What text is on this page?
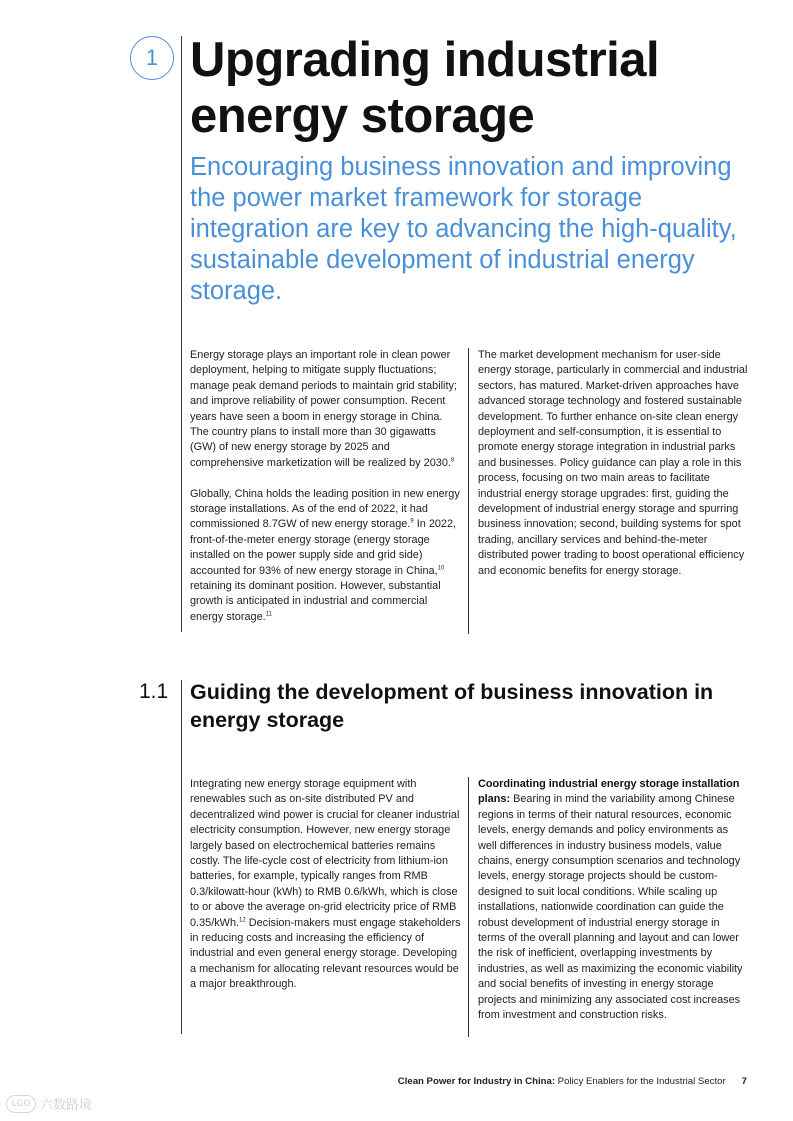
1 Upgrading industrial energy storage

Encouraging business innovation and improving the power market framework for storage integration are key to advancing the high-quality, sustainable development of industrial energy storage.

Energy storage plays an important role in clean power deployment, helping to mitigate supply fluctuations; manage peak demand periods to maintain grid stability; and improve reliability of power consumption. Recent years have seen a boom in energy storage in China. The country plans to install more than 30 gigawatts (GW) of new energy storage by 2025 and comprehensive marketization will be realized by 2030.$^8$

Globally, China holds the leading position in new energy storage installations. As of the end of 2022, it had commissioned 8.7GW of new energy storage.$^9$ In 2022, front-of-the-meter energy storage (energy storage installed on the power supply side and grid side) accounted for 93% of new energy storage in China,$^{10}$ retaining its dominant position. However, substantial growth is anticipated in industrial and commercial energy storage.$^{11}$

The market development mechanism for user-side energy storage, particularly in commercial and industrial sectors, has matured. Market-driven approaches have advanced storage technology and fostered sustainable development. To further enhance on-site clean energy deployment and self-consumption, it is essential to promote energy storage integration in industrial parks and businesses. Policy guidance can play a role in this process, focusing on two main areas to facilitate industrial energy storage upgrades: first, guiding the development of industrial energy storage and spurring business innovation; second, building systems for spot trading, ancillary services and behind-the-meter distributed power trading to boost operational efficiency and economic benefits for energy storage.

1.1 Guiding the development of business innovation in energy storage

Integrating new energy storage equipment with renewables such as on-site distributed PV and decentralized wind power is crucial for cleaner industrial electricity consumption. However, new energy storage largely based on electrochemical batteries remains costly. The life-cycle cost of electricity from lithium-ion batteries, for example, typically ranges from RMB 0.3/kilowatt-hour (kWh) to RMB 0.6/kWh, which is close to or above the average on-grid electricity price of RMB 0.35/kWh.$^{12}$ Decision-makers must engage stakeholders in reducing costs and increasing the efficiency of industrial and even general energy storage. Developing a mechanism for allocating relevant resources would be a major breakthrough.

Coordinating industrial energy storage installation plans: Bearing in mind the variability among Chinese regions in terms of their natural resources, economic levels, energy demands and policy environments as well differences in industry business models, value chains, energy consumption scenarios and technology levels, energy storage projects should be custom-designed to suit local conditions. While scaling up installations, nationwide coordination can guide the robust development of industrial energy storage in terms of the overall planning and layout and can lower the risk of inefficient, overlapping investments by industries, as well as maximizing the economic viability and social benefits of investing in energy storage projects and minimizing any associated cost increases from investment and construction risks.

Clean Power for Industry in China: Policy Enablers for the Industrial Sector 7
LGO 六数路境
